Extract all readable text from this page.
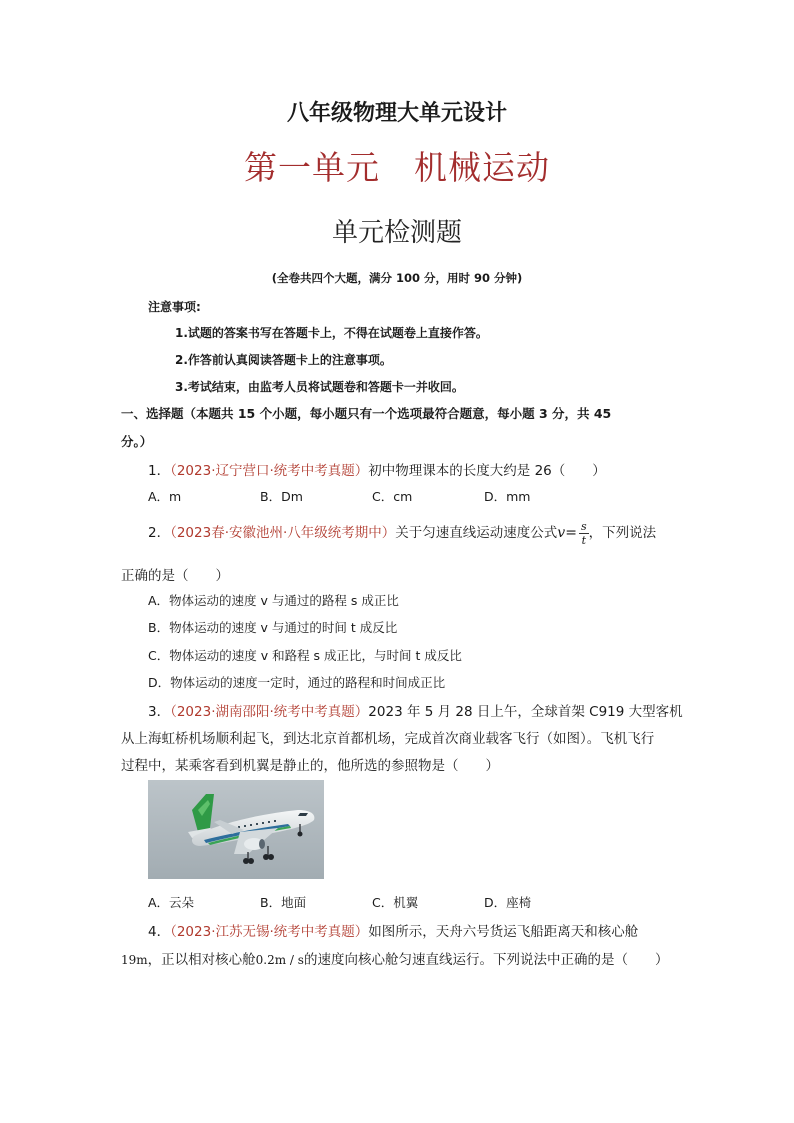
八年级物理大单元设计
第一单元 机械运动
单元检测题
(全卷共四个大题，满分 100 分，用时 90 分钟)
注意事项:
1.试题的答案书写在答题卡上，不得在试题卷上直接作答。
2.作答前认真阅读答题卡上的注意事项。
3.考试结束，由监考人员将试题卷和答题卡一并收回。
一、选择题（本题共 15 个小题，每小题只有一个选项最符合题意，每小题 3 分，共 45
分。）
1．（2023·辽宁营口·统考中考真题）初中物理课本的长度大约是 26（　　）
A．m	B．Dm	C．cm	D．mm
2．（2023春·安徽池州·八年级统考期中）关于匀速直线运动速度公式$v= \frac{s}{t}$ ，下列说法
正确的是（　　）
A．物体运动的速度 v 与通过的路程 s 成正比
B．物体运动的速度 v 与通过的时间 t 成反比
C．物体运动的速度 v 和路程 s 成正比，与时间 t 成反比
D．物体运动的速度一定时，通过的路程和时间成正比
3．（2023·湖南邵阳·统考中考真题）2023 年 5 月 28 日上午，全球首架 C919 大型客机
从上海虹桥机场顺利起飞，到达北京首都机场，完成首次商业载客飞行（如图）。飞机飞行
过程中，某乘客看到机翼是静止的，他所选的参照物是（　　）
A．云朵	B．地面	C．机翼	D．座椅
4．（2023·江苏无锡·统考中考真题）如图所示，天舟六号货运飞船距离天和核心舱
19m，正以相对核心舱0.2m / s的速度向核心舱匀速直线运行。下列说法中正确的是（　　）
